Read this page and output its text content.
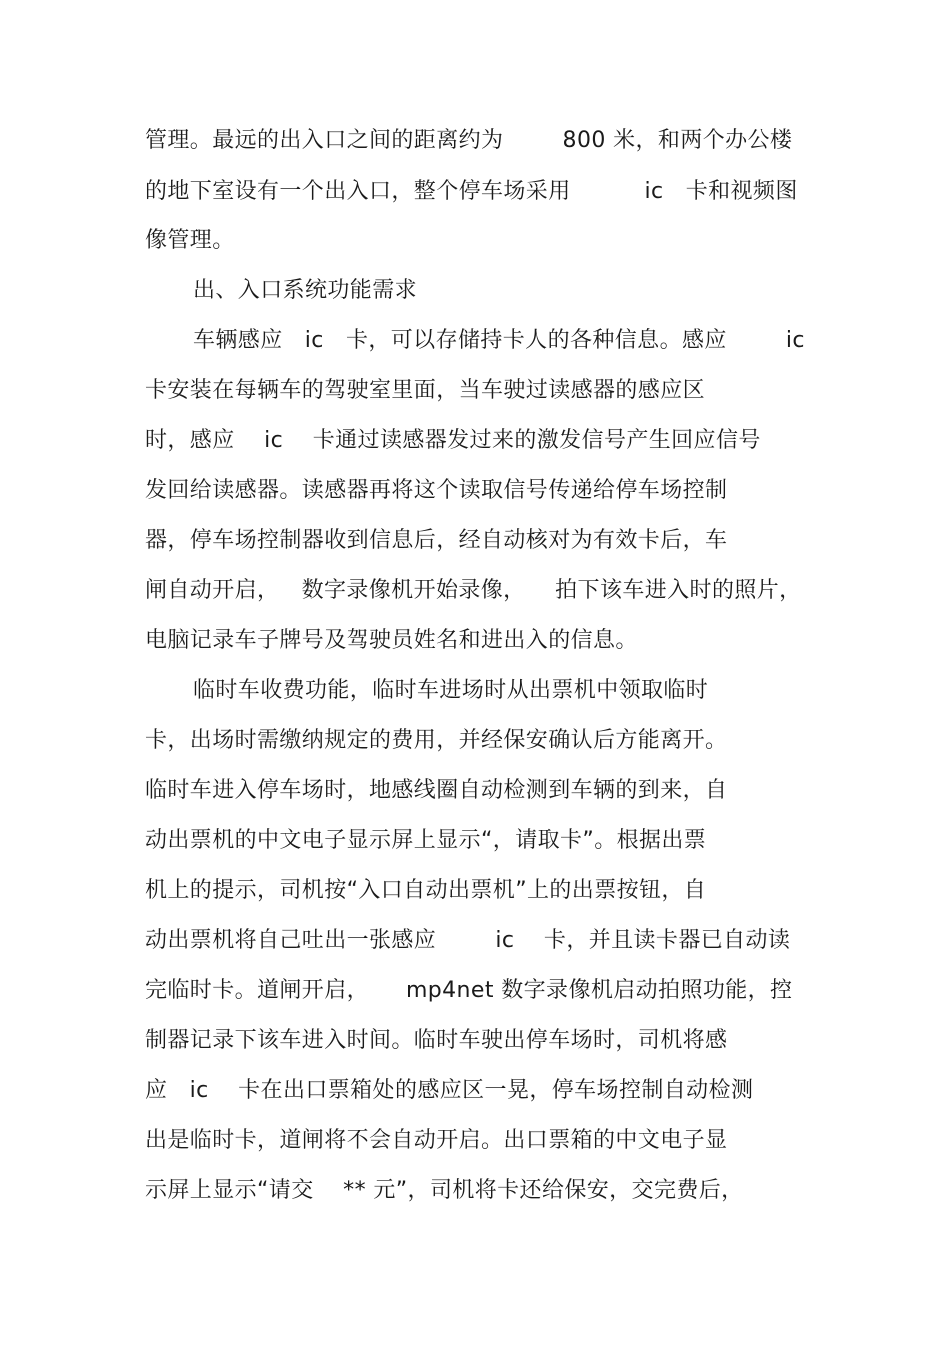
管理。最远的出入口之间的距离约为        800 米，和两个办公楼
的地下室设有一个出入口，整个停车场采用          ic   卡和视频图
像管理。
出、入口系统功能需求
车辆感应   ic   卡，可以存储持卡人的各种信息。感应        ic
卡安装在每辆车的驾驶室里面，当车驶过读感器的感应区
时，感应    ic    卡通过读感器发过来的激发信号产生回应信号
发回给读感器。读感器再将这个读取信号传递给停车场控制
器，停车场控制器收到信息后，经自动核对为有效卡后，车
闸自动开启，   数字录像机开始录像，    拍下该车进入时的照片，
电脑记录车子牌号及驾驶员姓名和进出入的信息。
临时车收费功能，临时车进场时从出票机中领取临时
卡，出场时需缴纳规定的费用，并经保安确认后方能离开。
临时车进入停车场时，地感线圈自动检测到车辆的到来，自
动出票机的中文电子显示屏上显示“，请取卡”。根据出票
机上的提示，司机按“入口自动出票机”上的出票按钮，自
动出票机将自己吐出一张感应        ic    卡，并且读卡器已自动读
完临时卡。道闸开启，     mp4net 数字录像机启动拍照功能，控
制器记录下该车进入时间。临时车驶出停车场时，司机将感
应   ic    卡在出口票箱处的感应区一晃，停车场控制自动检测
出是临时卡，道闸将不会自动开启。出口票箱的中文电子显
示屏上显示“请交    ** 元”，司机将卡还给保安，交完费后，
